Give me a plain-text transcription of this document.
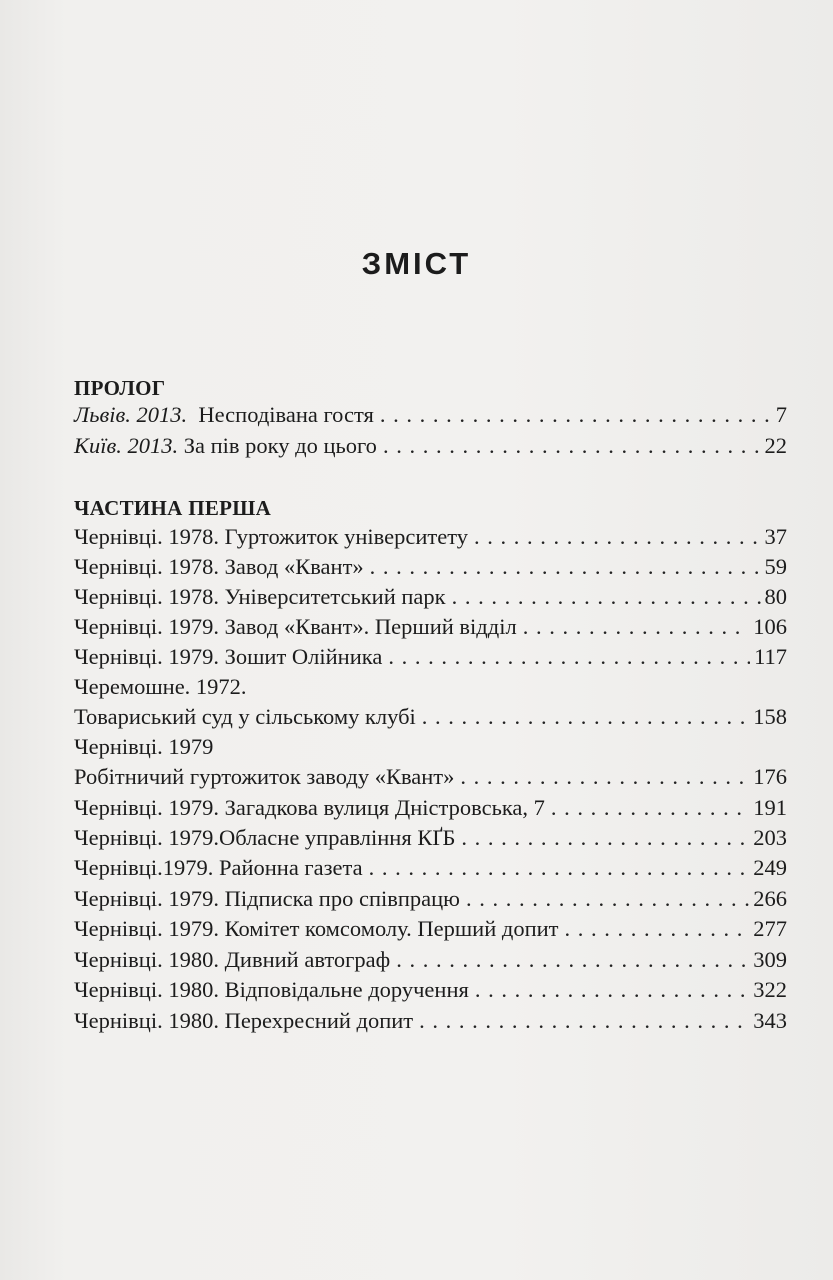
ЗМІСТ
ПРОЛОГ
Львів. 2013. Несподівана гостя . . .	7
Київ. 2013. За пів року до цього . . .	22
ЧАСТИНА ПЕРША
Чернівці. 1978. Гуртожиток університету . . .	37
Чернівці. 1978. Завод «Квант» . . .	59
Чернівці. 1978. Університетський парк . . .	80
Чернівці. 1979. Завод «Квант». Перший відділ . . .	106
Чернівці. 1979. Зошит Олійника . . .	117
Черемошне. 1972.
Товариський суд у сільському клубі . . .	158
Чернівці. 1979
Робітничий гуртожиток заводу «Квант» . . .	176
Чернівці. 1979. Загадкова вулиця Дністровська, 7 . . .	191
Чернівці. 1979.Обласне управління КҐБ . . .	203
Чернівці.1979. Районна газета . . .	249
Чернівці. 1979. Підписка про співпрацю . . .	266
Чернівці. 1979. Комітет комсомолу. Перший допит . . .	277
Чернівці. 1980. Дивний автограф . . .	309
Чернівці. 1980. Відповідальне доручення . . .	322
Чернівці. 1980. Перехресний допит . . .	343
